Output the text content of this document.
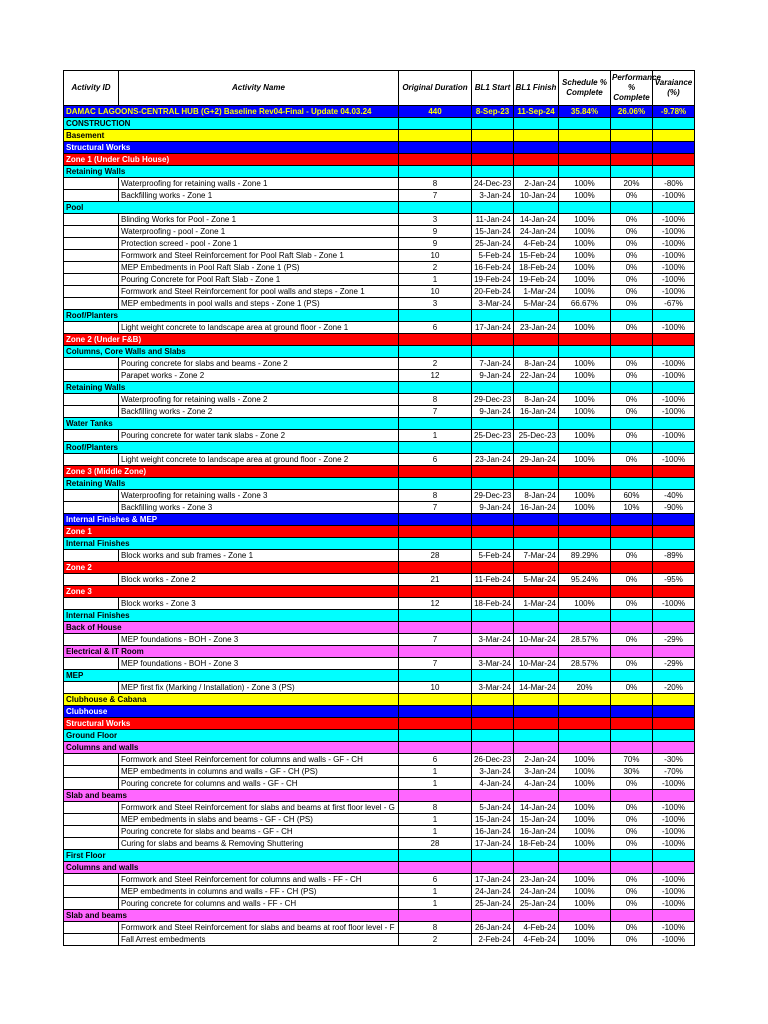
Activity ID	Activity Name	Original Duration	BL1 Start	BL1 Finish	Schedule % Complete	Performance % Complete	Varaiance (%)
DAMAC LAGOONS-CENTRAL HUB (G+2) Baseline Rev04-Final - Update 04.03.24		440	8-Sep-23	11-Sep-24	35.84%	26.06%	-9.78%
CONSTRUCTION							
Basement							
Structural Works							
Zone 1 (Under Club House)							
Retaining Walls							
	Waterproofing for retaining walls - Zone 1	8	24-Dec-23	2-Jan-24	100%	20%	-80%
	Backfilling works - Zone 1	7	3-Jan-24	10-Jan-24	100%	0%	-100%
Pool							
	Blinding Works for Pool - Zone 1	3	11-Jan-24	14-Jan-24	100%	0%	-100%
	Waterproofing - pool - Zone 1	9	15-Jan-24	24-Jan-24	100%	0%	-100%
	Protection screed - pool - Zone 1	9	25-Jan-24	4-Feb-24	100%	0%	-100%
	Formwork and Steel Reinforcement for Pool Raft Slab - Zone 1	10	5-Feb-24	15-Feb-24	100%	0%	-100%
	MEP Embedments in Pool Raft Slab - Zone 1 (PS)	2	16-Feb-24	18-Feb-24	100%	0%	-100%
	Pouring Concrete for Pool Raft Slab - Zone 1	1	19-Feb-24	19-Feb-24	100%	0%	-100%
	Formwork and Steel Reinforcement for pool walls and steps - Zone 1	10	20-Feb-24	1-Mar-24	100%	0%	-100%
	MEP embedments in pool walls and steps - Zone 1 (PS)	3	3-Mar-24	5-Mar-24	66.67%	0%	-67%
Roof/Planters							
	Light weight concrete to landscape area at ground floor - Zone 1	6	17-Jan-24	23-Jan-24	100%	0%	-100%
Zone 2 (Under F&B)							
Columns, Core Walls and Slabs							
	Pouring concrete for slabs and beams - Zone 2	2	7-Jan-24	8-Jan-24	100%	0%	-100%
	Parapet works - Zone 2	12	9-Jan-24	22-Jan-24	100%	0%	-100%
Retaining Walls							
	Waterproofing for retaining walls - Zone 2	8	29-Dec-23	8-Jan-24	100%	0%	-100%
	Backfilling works - Zone 2	7	9-Jan-24	16-Jan-24	100%	0%	-100%
Water Tanks							
	Pouring concrete for water tank slabs - Zone 2	1	25-Dec-23	25-Dec-23	100%	0%	-100%
Roof/Planters							
	Light weight concrete to landscape area at ground floor - Zone 2	6	23-Jan-24	29-Jan-24	100%	0%	-100%
Zone 3 (Middle Zone)							
Retaining Walls							
	Waterproofing for retaining walls - Zone 3	8	29-Dec-23	8-Jan-24	100%	60%	-40%
	Backfilling works - Zone 3	7	9-Jan-24	16-Jan-24	100%	10%	-90%
Internal Finishes & MEP							
Zone 1							
Internal Finishes							
	Block works and sub frames - Zone 1	28	5-Feb-24	7-Mar-24	89.29%	0%	-89%
Zone 2							
	Block works - Zone 2	21	11-Feb-24	5-Mar-24	95.24%	0%	-95%
Zone 3							
	Block works - Zone 3	12	18-Feb-24	1-Mar-24	100%	0%	-100%
Internal Finishes							
Back of House							
	MEP foundations - BOH - Zone 3	7	3-Mar-24	10-Mar-24	28.57%	0%	-29%
Electrical & IT Room							
	MEP foundations - BOH - Zone 3	7	3-Mar-24	10-Mar-24	28.57%	0%	-29%
MEP							
	MEP first fix (Marking / Installation) - Zone 3 (PS)	10	3-Mar-24	14-Mar-24	20%	0%	-20%
Clubhouse & Cabana							
Clubhouse							
Structural Works							
Ground Floor							
Columns and walls							
	Formwork and Steel Reinforcement for columns and walls - GF - CH	6	26-Dec-23	2-Jan-24	100%	70%	-30%
	MEP embedments in columns and walls - GF - CH (PS)	1	3-Jan-24	3-Jan-24	100%	30%	-70%
	Pouring concrete for columns and walls - GF - CH	1	4-Jan-24	4-Jan-24	100%	0%	-100%
Slab and beams							
	Formwork and Steel Reinforcement for slabs and beams at first floor level - G	8	5-Jan-24	14-Jan-24	100%	0%	-100%
	MEP embedments in slabs and beams - GF - CH (PS)	1	15-Jan-24	15-Jan-24	100%	0%	-100%
	Pouring concrete for slabs and beams - GF - CH	1	16-Jan-24	16-Jan-24	100%	0%	-100%
	Curing for slabs and beams & Removing Shuttering	28	17-Jan-24	18-Feb-24	100%	0%	-100%
First Floor							
Columns and walls							
	Formwork and Steel Reinforcement for columns and walls - FF - CH	6	17-Jan-24	23-Jan-24	100%	0%	-100%
	MEP embedments in columns and walls - FF - CH (PS)	1	24-Jan-24	24-Jan-24	100%	0%	-100%
	Pouring concrete for columns and walls - FF - CH	1	25-Jan-24	25-Jan-24	100%	0%	-100%
Slab and beams							
	Formwork and Steel Reinforcement for slabs and beams at roof floor level - F	8	26-Jan-24	4-Feb-24	100%	0%	-100%
	Fall Arrest embedments	2	2-Feb-24	4-Feb-24	100%	0%	-100%
